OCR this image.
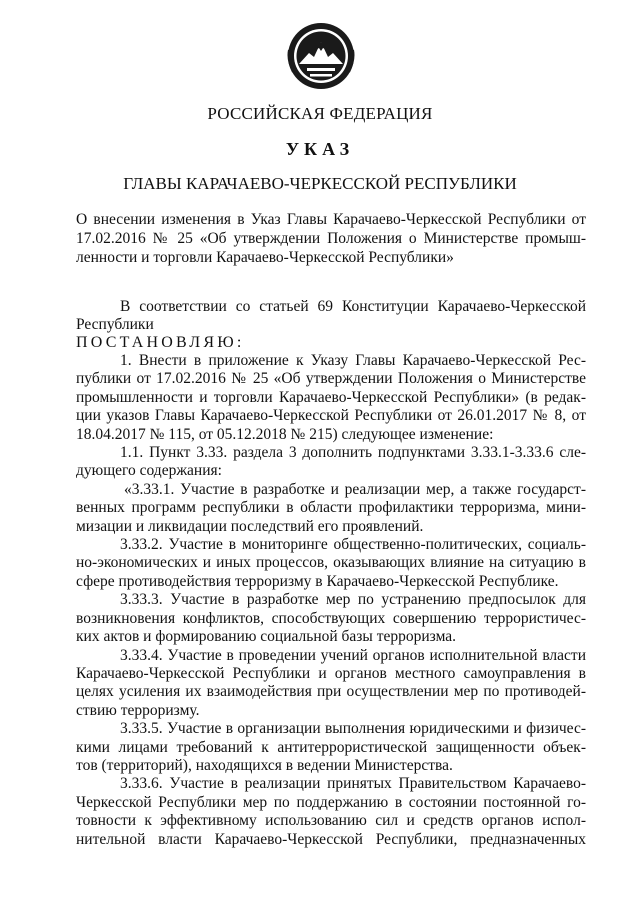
РОССИЙСКАЯ ФЕДЕРАЦИЯ
УКАЗ
ГЛАВЫ КАРАЧАЕВО-ЧЕРКЕССКОЙ РЕСПУБЛИКИ
О внесении изменения в Указ Главы Карачаево-Черкесской Республики от
17.02.2016 № 25 «Об утверждении Положения о Министерстве промыш-
ленности и торговли Карачаево-Черкесской Республики»
В соответствии со статьей 69 Конституции Карачаево-Черкесской
Республики
ПОСТАНОВЛЯЮ:
1. Внести в приложение к Указу Главы Карачаево-Черкесской Рес-
публики от 17.02.2016 № 25 «Об утверждении Положения о Министерстве
промышленности и торговли Карачаево-Черкесской Республики» (в редак-
ции указов Главы Карачаево-Черкесской Республики от 26.01.2017 № 8, от
18.04.2017 № 115, от 05.12.2018 № 215) следующее изменение:
1.1. Пункт 3.33. раздела 3 дополнить подпунктами 3.33.1-3.33.6 сле-
дующего содержания:
«3.33.1. Участие в разработке и реализации мер, а также государст-
венных программ республики в области профилактики терроризма, мини-
мизации и ликвидации последствий его проявлений.
3.33.2. Участие в мониторинге общественно-политических, социаль-
но-экономических и иных процессов, оказывающих влияние на ситуацию в
сфере противодействия терроризму в Карачаево-Черкесской Республике.
3.33.3. Участие в разработке мер по устранению предпосылок для
возникновения конфликтов, способствующих совершению террористичес-
ких актов и формированию социальной базы терроризма.
3.33.4. Участие в проведении учений органов исполнительной власти
Карачаево-Черкесской Республики и органов местного самоуправления в
целях усиления их взаимодействия при осуществлении мер по противодей-
ствию терроризму.
3.33.5. Участие в организации выполнения юридическими и физичес-
кими лицами требований к антитеррористической защищенности объек-
тов (территорий), находящихся в ведении Министерства.
3.33.6. Участие в реализации принятых Правительством Карачаево-
Черкесской Республики мер по поддержанию в состоянии постоянной го-
товности к эффективному использованию сил и средств органов испол-
нительной власти Карачаево-Черкесской Республики, предназначенных
